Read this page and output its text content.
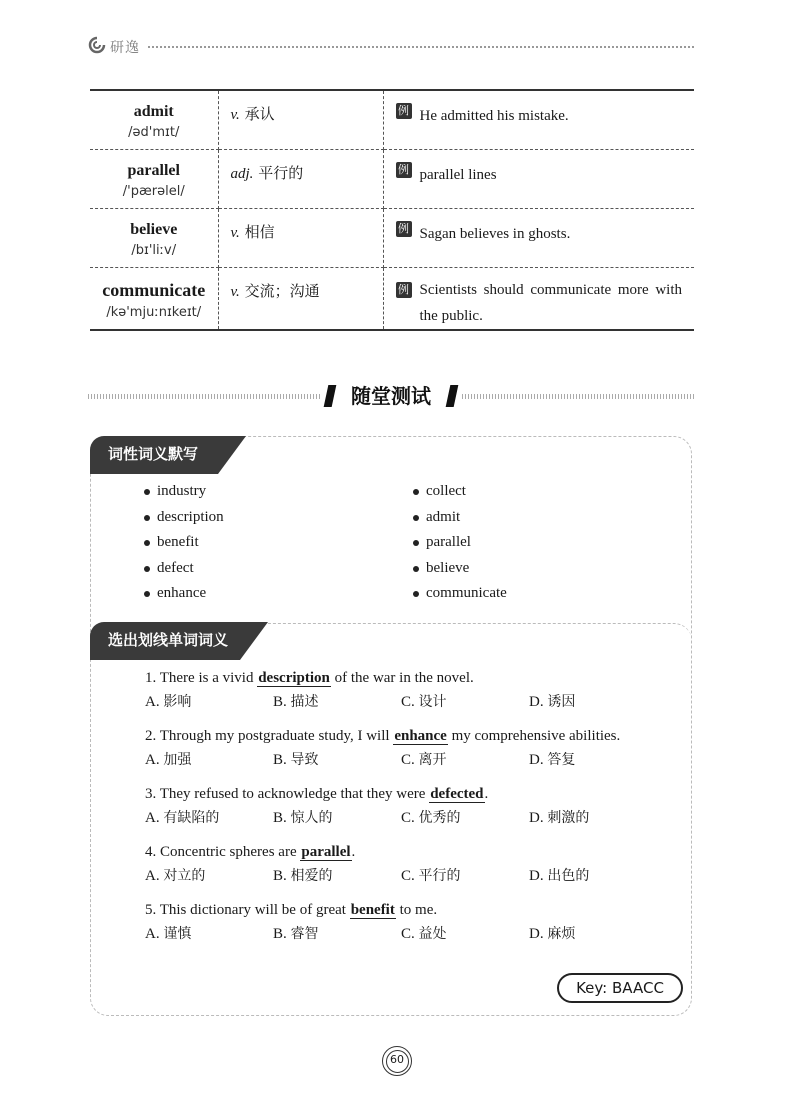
研逸
admit
/əd'mɪt/	v. 承认	例 He admitted his mistake.

parallel
/'pærəlel/	adj. 平行的	例 parallel lines

believe
/bɪ'liːv/	v. 相信	例 Sagan believes in ghosts.

communicate
/kə'mjuːnɪkeɪt/	v. 交流；沟通	例 Scientists should communicate more with the public.
随堂测试
词性词义默写
industry
description
benefit
defect
enhance
collect
admit
parallel
believe
communicate
选出划线单词词义
1. There is a vivid description of the war in the novel.
A. 影响	B. 描述	C. 设计	D. 诱因
2. Through my postgraduate study, I will enhance my comprehensive abilities.
A. 加强	B. 导致	C. 离开	D. 答复
3. They refused to acknowledge that they were defected.
A. 有缺陷的	B. 惊人的	C. 优秀的	D. 刺激的
4. Concentric spheres are parallel.
A. 对立的	B. 相爱的	C. 平行的	D. 出色的
5. This dictionary will be of great benefit to me.
A. 谨慎	B. 睿智	C. 益处	D. 麻烦
Key: BAACC
60
